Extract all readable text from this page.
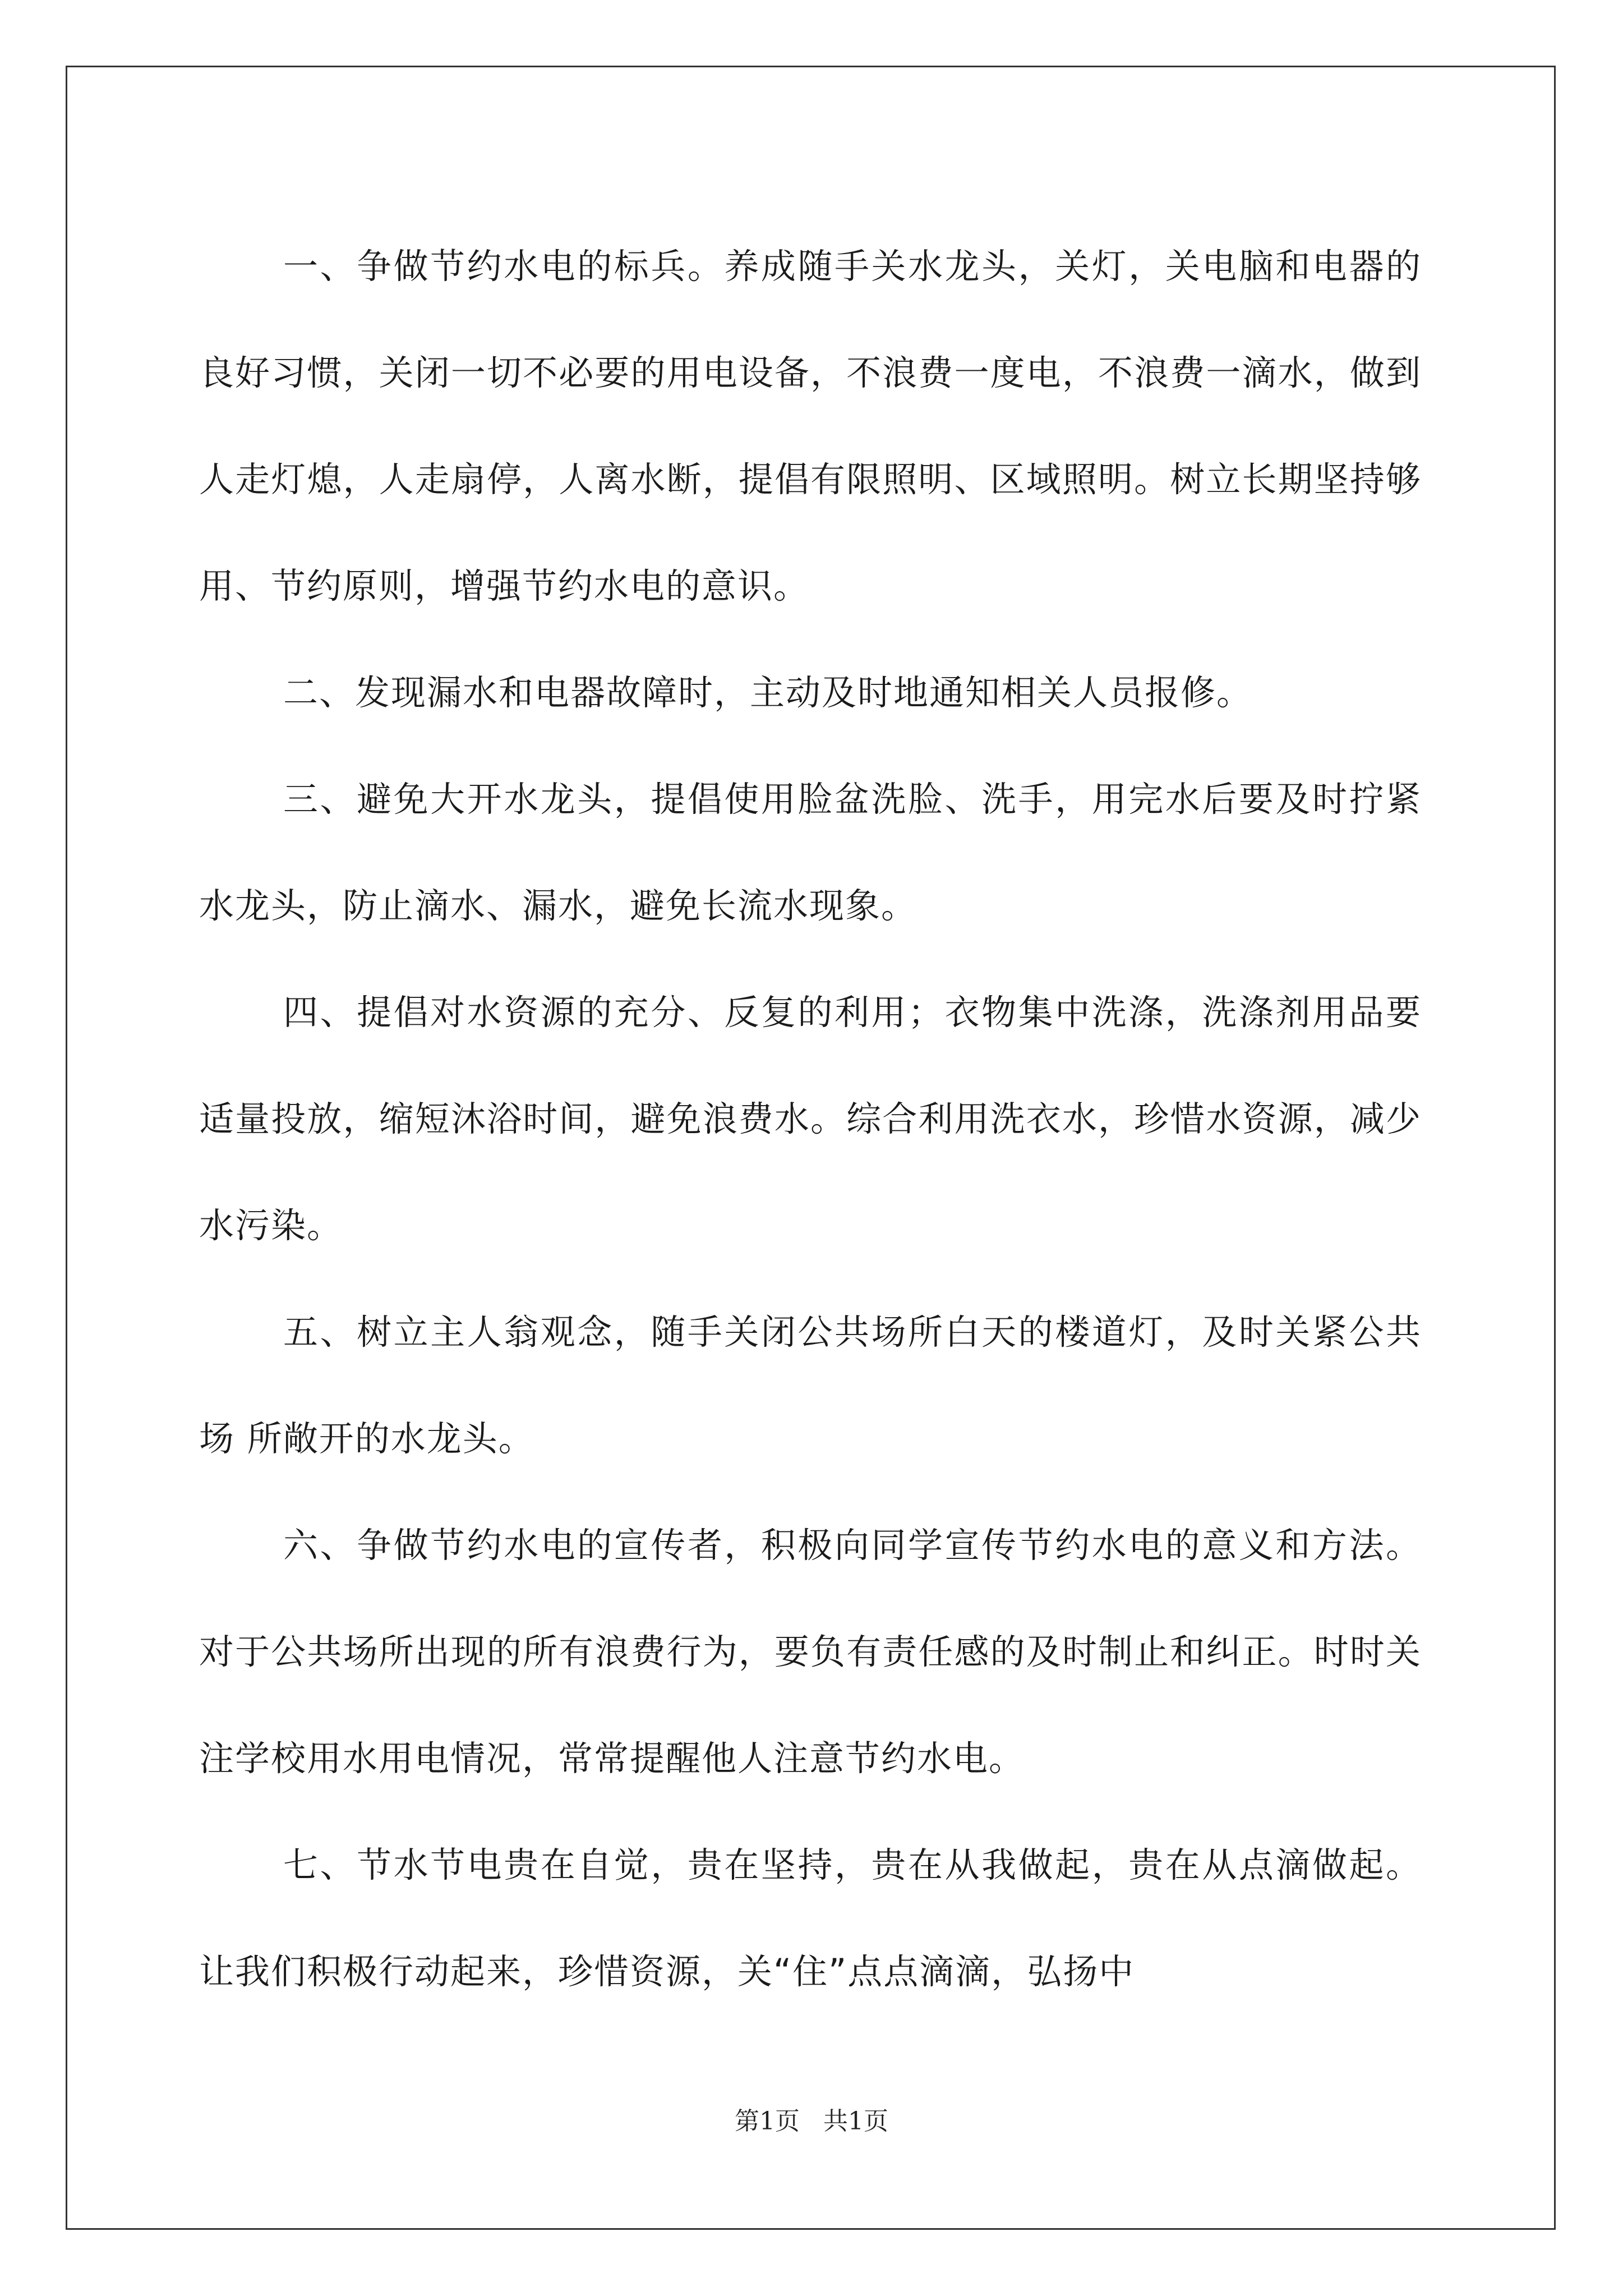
一、争做节约水电的标兵。养成随手关水龙头，关灯，关电脑和电器的良好习惯，关闭一切不必要的用电设备，不浪费一度电，不浪费一滴水，做到人走灯熄，人走扇停，人离水断，提倡有限照明、区域照明。树立长期坚持够用、节约原则，增强节约水电的意识。

二、发现漏水和电器故障时，主动及时地通知相关人员报修。

三、避免大开水龙头，提倡使用脸盆洗脸、洗手，用完水后要及时拧紧水龙头，防止滴水、漏水，避免长流水现象。

四、提倡对水资源的充分、反复的利用；衣物集中洗涤，洗涤剂用品要适量投放，缩短沐浴时间，避免浪费水。综合利用洗衣水，珍惜水资源，减少水污染。

五、树立主人翁观念，随手关闭公共场所白天的楼道灯，及时关紧公共场 所敞开的水龙头。

六、争做节约水电的宣传者，积极向同学宣传节约水电的意义和方法。对于公共场所出现的所有浪费行为，要负有责任感的及时制止和纠正。时时关注学校用水用电情况，常常提醒他人注意节约水电。

七、节水节电贵在自觉，贵在坚持，贵在从我做起，贵在从点滴做起。让我们积极行动起来，珍惜资源，关“住”点点滴滴，弘扬中

第1页   共1页
